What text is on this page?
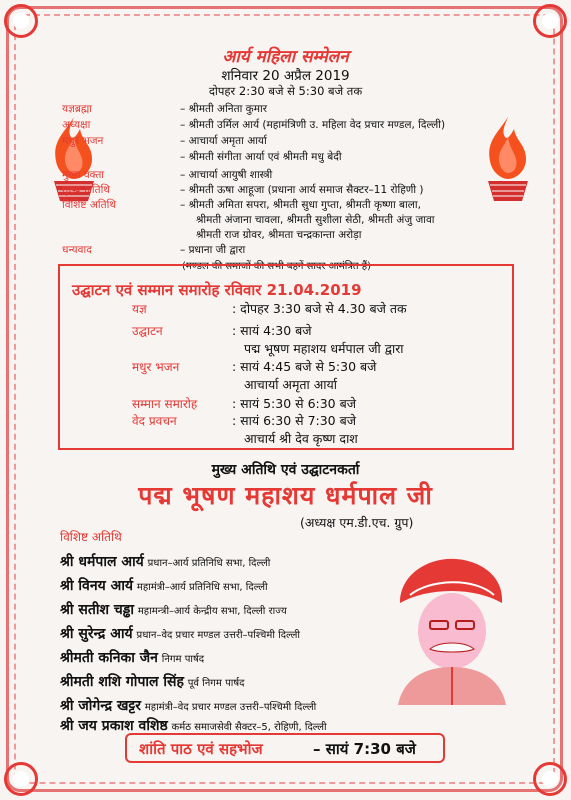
आर्य महिला सम्मेलन
शनिवार 20 अप्रैल 2019
दोपहर 2:30 बजे से 5:30 बजे तक
यज्ञब्रह्मा	– श्रीमती अनिता कुमार
अध्यक्षा	– श्रीमती उर्मिल आर्य (महामंत्रिणी उ. महिला वेद प्रचार मण्डल, दिल्ली)
मधुर भजन	– आचार्या अमृता आर्या
– श्रीमती संगीता आर्या एवं श्रीमती मधु बेदी
मुख्य वक्ता	– आचार्या आयुषी शास्त्री
मुख्य अतिथि	– श्रीमती ऊषा आहूजा (प्रधाना आर्य समाज सैक्टर–11 रोहिणी )
विशिष्ट अतिथि	– श्रीमती अमिता सपरा, श्रीमती सुधा गुप्ता, श्रीमती कृष्णा बाला,
श्रीमती अंजाना चावला, श्रीमती सुशीला सेठी, श्रीमती अंजु जावा
श्रीमती राज ग्रोवर, श्रीमता चन्द्रकान्ता अरोड़ा
धन्यवाद	– प्रधाना जी द्वारा
(मण्डल की समाजों की सभी बहनें सादर आमंत्रित हैं)
उद्घाटन एवं सम्मान समारोह रविवार 21.04.2019
यज्ञ	: दोपहर 3:30 बजे से 4.30 बजे तक
उद्घाटन	: सायं 4:30 बजे
पद्म भूषण महाशय धर्मपाल जी द्वारा
मधुर भजन	: सायं 4:45 बजे से 5:30 बजे
आचार्या अमृता आर्या
सम्मान समारोह	: सायं 5:30 से 6:30 बजे
वेद प्रवचन	: सायं 6:30 से 7:30 बजे
आचार्य श्री देव कृष्ण दाश
मुख्य अतिथि एवं उद्घाटनकर्ता
पद्म भूषण महाशय धर्मपाल जी
(अध्यक्ष एम.डी.एच. ग्रुप)
विशिष्ट अतिथि
श्री धर्मपाल आर्य प्रधान–आर्य प्रतिनिधि सभा, दिल्ली
श्री विनय आर्य महामंत्री–आर्य प्रतिनिधि सभा, दिल्ली
श्री सतीश चड्ढा महामन्त्री–आर्य केन्द्रीय सभा, दिल्ली राज्य
श्री सुरेन्द्र आर्य प्रधान–वेद प्रचार मण्डल उत्तरी–पश्चिमी दिल्ली
श्रीमती कनिका जैन निगम पार्षद
श्रीमती शशि गोपाल सिंह पूर्व निगम पार्षद
श्री जोगेन्द्र खट्टर महामंत्री–वेद प्रचार मण्डल उत्तरी–पश्चिमी दिल्ली
श्री जय प्रकाश वशिष्ठ कर्मठ समाजसेवी सैक्टर–5, रोहिणी, दिल्ली
शांति पाठ एवं सहभोज	– सायं 7:30 बजे
